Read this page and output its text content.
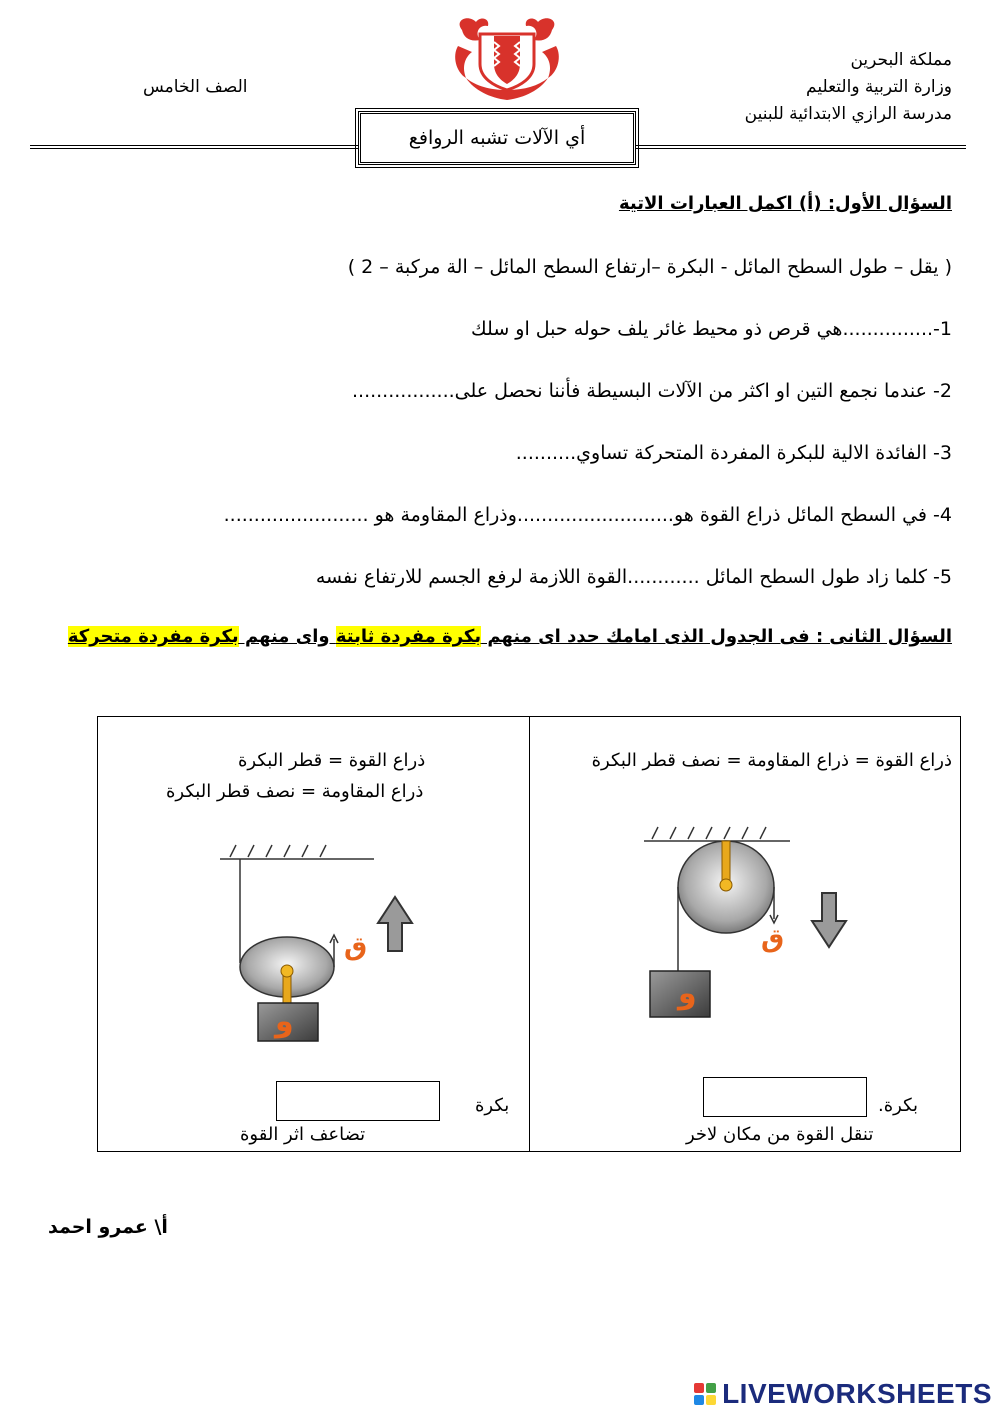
مملكة البحرين
وزارة التربية والتعليم
مدرسة الرازي الابتدائية للبنين
الصف الخامس
أي الآلات تشبه الروافع
السؤال الأول: (أ) اكمل العبارات الاتية
( يقل – طول السطح المائل - البكرة –ارتفاع السطح المائل – الة مركبة – 2 )
1-...............هي قرص ذو محيط غائر يلف حوله حبل او سلك
2- عندما نجمع التين او اكثر من الآلات البسيطة فأننا نحصل على.................
3- الفائدة الالية للبكرة المفردة المتحركة تساوي..........
4- في السطح المائل ذراع القوة هو..........................وذراع المقاومة هو ........................
5- كلما زاد طول السطح المائل ............القوة اللازمة لرفع الجسم للارتفاع نفسه
السؤال الثانى : فى الجدول الذى امامك حدد اى منهم بكرة مفردة ثابتة واى منهم بكرة مفردة متحركة
ذراع القوة = ذراع المقاومة = نصف قطر البكرة
ق
و
بكرة.
تنقل القوة من مكان لاخر
ذراع القوة = قطر البكرة
ذراع المقاومة = نصف قطر البكرة
ق
و
بكرة
تضاعف اثر القوة
أ\ عمرو احمد
LIVEWORKSHEETS
